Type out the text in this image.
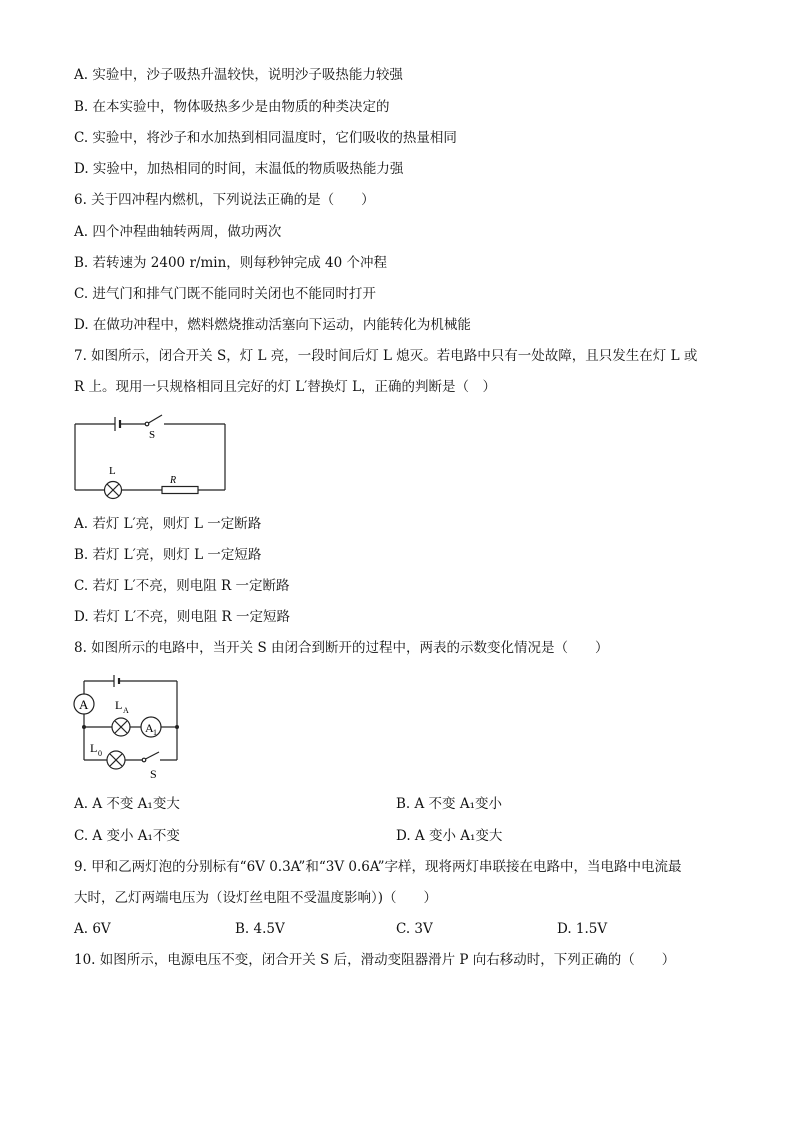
A. 实验中，沙子吸热升温较快，说明沙子吸热能力较强
B. 在本实验中，物体吸热多少是由物质的种类决定的
C. 实验中，将沙子和水加热到相同温度时，它们吸收的热量相同
D. 实验中，加热相同的时间，末温低的物质吸热能力强
6. 关于四冲程内燃机，下列说法正确的是（　　）
A. 四个冲程曲轴转两周，做功两次
B. 若转速为 2400 r/min，则每秒钟完成 40 个冲程
C. 进气门和排气门既不能同时关闭也不能同时打开
D. 在做功冲程中，燃料燃烧推动活塞向下运动，内能转化为机械能
7. 如图所示，闭合开关 S，灯 L 亮，一段时间后灯 L 熄灭。若电路中只有一处故障，且只发生在灯 L 或
R 上。现用一只规格相同且完好的灯 L′替换灯 L，正确的判断是（　）
S
L
R
A. 若灯 L′亮，则灯 L 一定断路
B. 若灯 L′亮，则灯 L 一定短路
C. 若灯 L′不亮，则电阻 R 一定断路
D. 若灯 L′不亮，则电阻 R 一定短路
8. 如图所示的电路中，当开关 S 由闭合到断开的过程中，两表的示数变化情况是（　　）
A
A 1
L A
L 0
S
A. A 不变 A₁变大	B. A 不变 A₁变小
C. A 变小 A₁不变	D. A 变小 A₁变大
9. 甲和乙两灯泡的分别标有“6V 0.3A”和“3V 0.6A”字样，现将两灯串联接在电路中，当电路中电流最
大时，乙灯两端电压为（设灯丝电阻不受温度影响）)（　　）
A. 6V	B. 4.5V	C. 3V	D. 1.5V
10. 如图所示，电源电压不变，闭合开关 S 后，滑动变阻器滑片 P 向右移动时，下列正确的（　　）
